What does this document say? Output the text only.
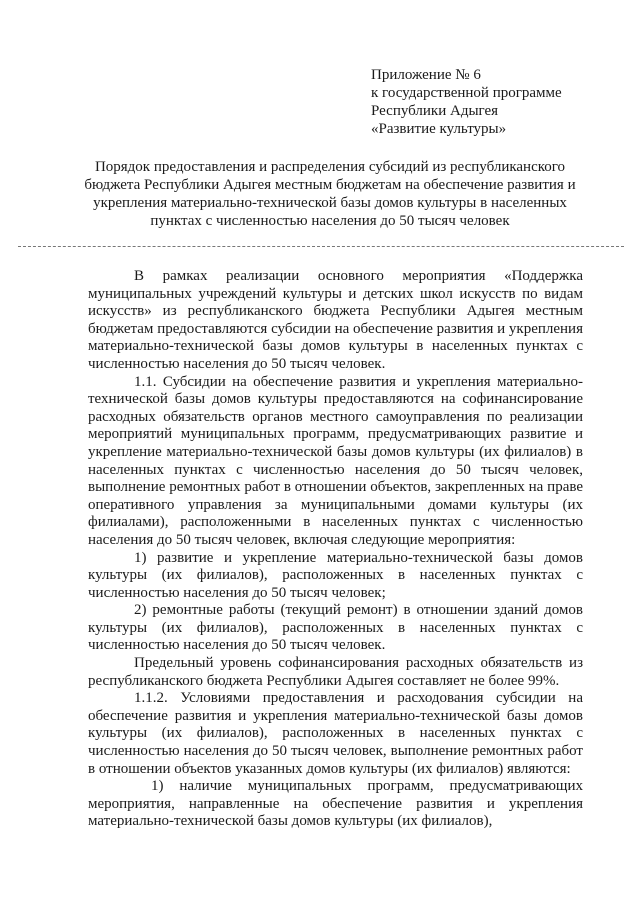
Приложение № 6
к государственной программе
Республики Адыгея
«Развитие культуры»
Порядок предоставления и распределения субсидий из республиканского бюджета Республики Адыгея местным бюджетам на обеспечение развития и укрепления материально-технической базы домов культуры в населенных пунктах с численностью населения до 50 тысяч человек

В рамках реализации основного мероприятия «Поддержка муниципальных учреждений культуры и детских школ искусств по видам искусств» из республиканского бюджета Республики Адыгея местным бюджетам предоставляются субсидии на обеспечение развития и укрепления материально-технической базы домов культуры в населенных пунктах с численностью населения до 50 тысяч человек.

1.1. Субсидии на обеспечение развития и укрепления материально-технической базы домов культуры предоставляются на софинансирование расходных обязательств органов местного самоуправления по реализации мероприятий муниципальных программ, предусматривающих развитие и укрепление материально-технической базы домов культуры (их филиалов) в населенных пунктах с численностью населения до 50 тысяч человек, выполнение ремонтных работ в отношении объектов, закрепленных на праве оперативного управления за муниципальными домами культуры (их филиалами), расположенными в населенных пунктах с численностью населения до 50 тысяч человек, включая следующие мероприятия:

1) развитие и укрепление материально-технической базы домов культуры (их филиалов), расположенных в населенных пунктах с численностью населения до 50 тысяч человек;

2) ремонтные работы (текущий ремонт) в отношении зданий домов культуры (их филиалов), расположенных в населенных пунктах с численностью населения до 50 тысяч человек.

Предельный уровень софинансирования расходных обязательств из республиканского бюджета Республики Адыгея составляет не более 99%.

1.1.2. Условиями предоставления и расходования субсидии на обеспечение развития и укрепления материально-технической базы домов культуры (их филиалов), расположенных в населенных пунктах с численностью населения до 50 тысяч человек, выполнение ремонтных работ в отношении объектов указанных домов культуры (их филиалов) являются:

1) наличие муниципальных программ, предусматривающих мероприятия, направленные на обеспечение развития и укрепления материально-технической базы домов культуры (их филиалов),
